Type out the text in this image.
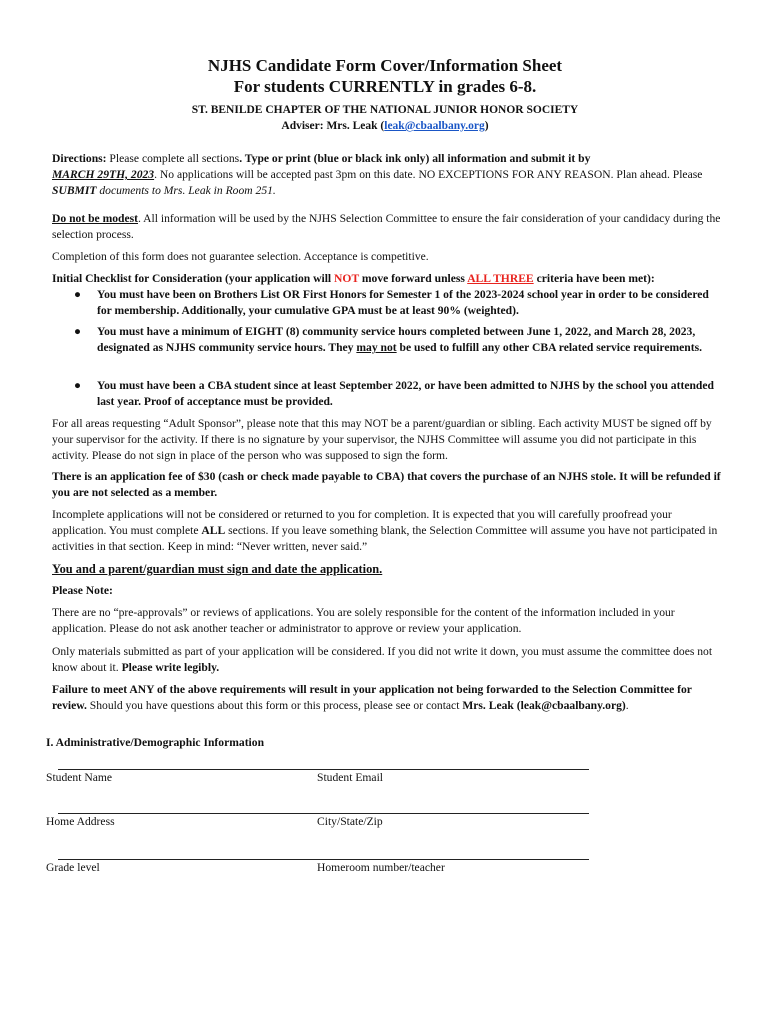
NJHS Candidate Form Cover/Information Sheet
For students CURRENTLY in grades 6-8.
ST. BENILDE CHAPTER OF THE NATIONAL JUNIOR HONOR SOCIETY
Adviser: Mrs. Leak (leak@cbaalbany.org)
Directions: Please complete all sections. Type or print (blue or black ink only) all information and submit it by
MARCH 29TH, 2023. No applications will be accepted past 3pm on this date. NO EXCEPTIONS FOR ANY REASON. Plan ahead. Please SUBMIT documents to Mrs. Leak in Room 251.
Do not be modest. All information will be used by the NJHS Selection Committee to ensure the fair consideration of your candidacy during the selection process.
Completion of this form does not guarantee selection. Acceptance is competitive.
Initial Checklist for Consideration (your application will NOT move forward unless ALL THREE criteria have been met):
●	You must have been on Brothers List OR First Honors for Semester 1 of the 2023-2024 school year in order to be considered for membership. Additionally, your cumulative GPA must be at least 90% (weighted).
●	You must have a minimum of EIGHT (8) community service hours completed between June 1, 2022, and March 28, 2023, designated as NJHS community service hours. They may not be used to fulfill any other CBA related service requirements.
●	You must have been a CBA student since at least September 2022, or have been admitted to NJHS by the school you attended last year. Proof of acceptance must be provided.
For all areas requesting “Adult Sponsor”, please note that this may NOT be a parent/guardian or sibling. Each activity MUST be signed off by your supervisor for the activity. If there is no signature by your supervisor, the NJHS Committee will assume you did not participate in this activity. Please do not sign in place of the person who was supposed to sign the form.
There is an application fee of $30 (cash or check made payable to CBA) that covers the purchase of an NJHS stole. It will be refunded if you are not selected as a member.
Incomplete applications will not be considered or returned to you for completion. It is expected that you will carefully proofread your application. You must complete ALL sections. If you leave something blank, the Selection Committee will assume you have not participated in activities in that section. Keep in mind: “Never written, never said.”
You and a parent/guardian must sign and date the application.
Please Note:
There are no “pre-approvals” or reviews of applications. You are solely responsible for the content of the information included in your application. Please do not ask another teacher or administrator to approve or review your application.
Only materials submitted as part of your application will be considered. If you did not write it down, you must assume the committee does not know about it. Please write legibly.
Failure to meet ANY of the above requirements will result in your application not being forwarded to the Selection Committee for review. Should you have questions about this form or this process, please see or contact Mrs. Leak (leak@cbaalbany.org).
I. Administrative/Demographic Information
Student Name	Student Email
Home Address	City/State/Zip
Grade level	Homeroom number/teacher
